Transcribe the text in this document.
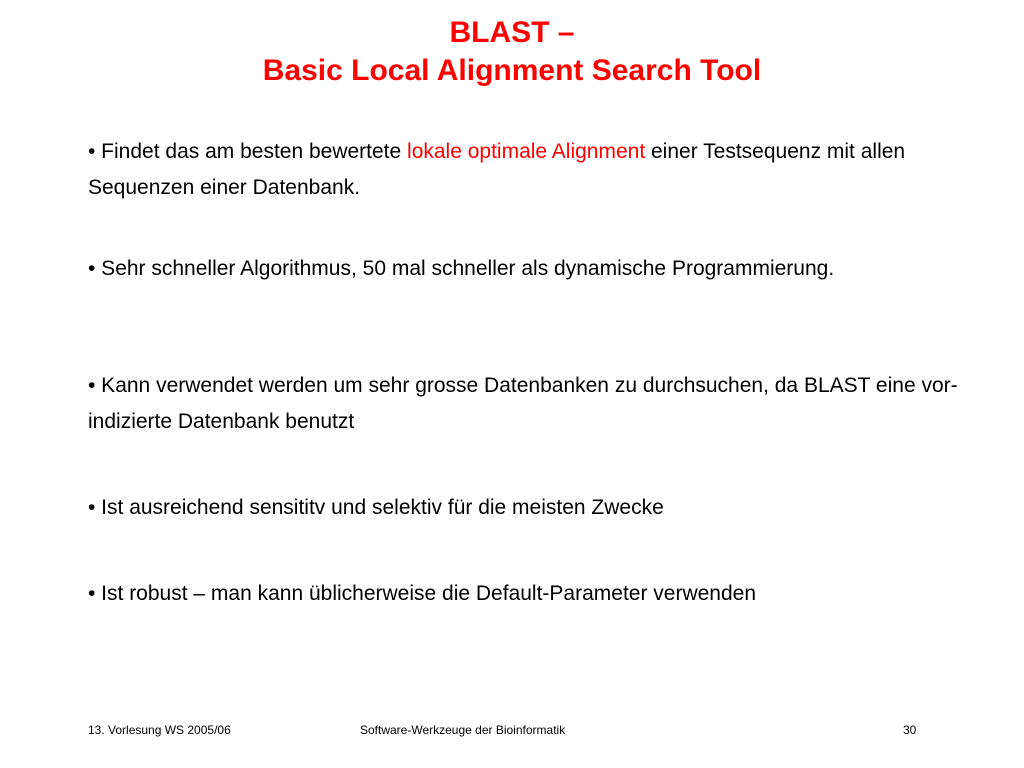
BLAST –
Basic Local Alignment Search Tool
• Findet das am besten bewertete lokale optimale Alignment einer Testsequenz mit allen Sequenzen einer Datenbank.
• Sehr schneller Algorithmus, 50 mal schneller als dynamische Programmierung.
• Kann verwendet werden um sehr grosse Datenbanken zu durchsuchen, da BLAST eine vor-indizierte Datenbank benutzt
• Ist ausreichend sensititv und selektiv für die meisten Zwecke
• Ist robust – man kann üblicherweise die Default-Parameter verwenden
13. Vorlesung WS 2005/06	Software-Werkzeuge der Bioinformatik	30
